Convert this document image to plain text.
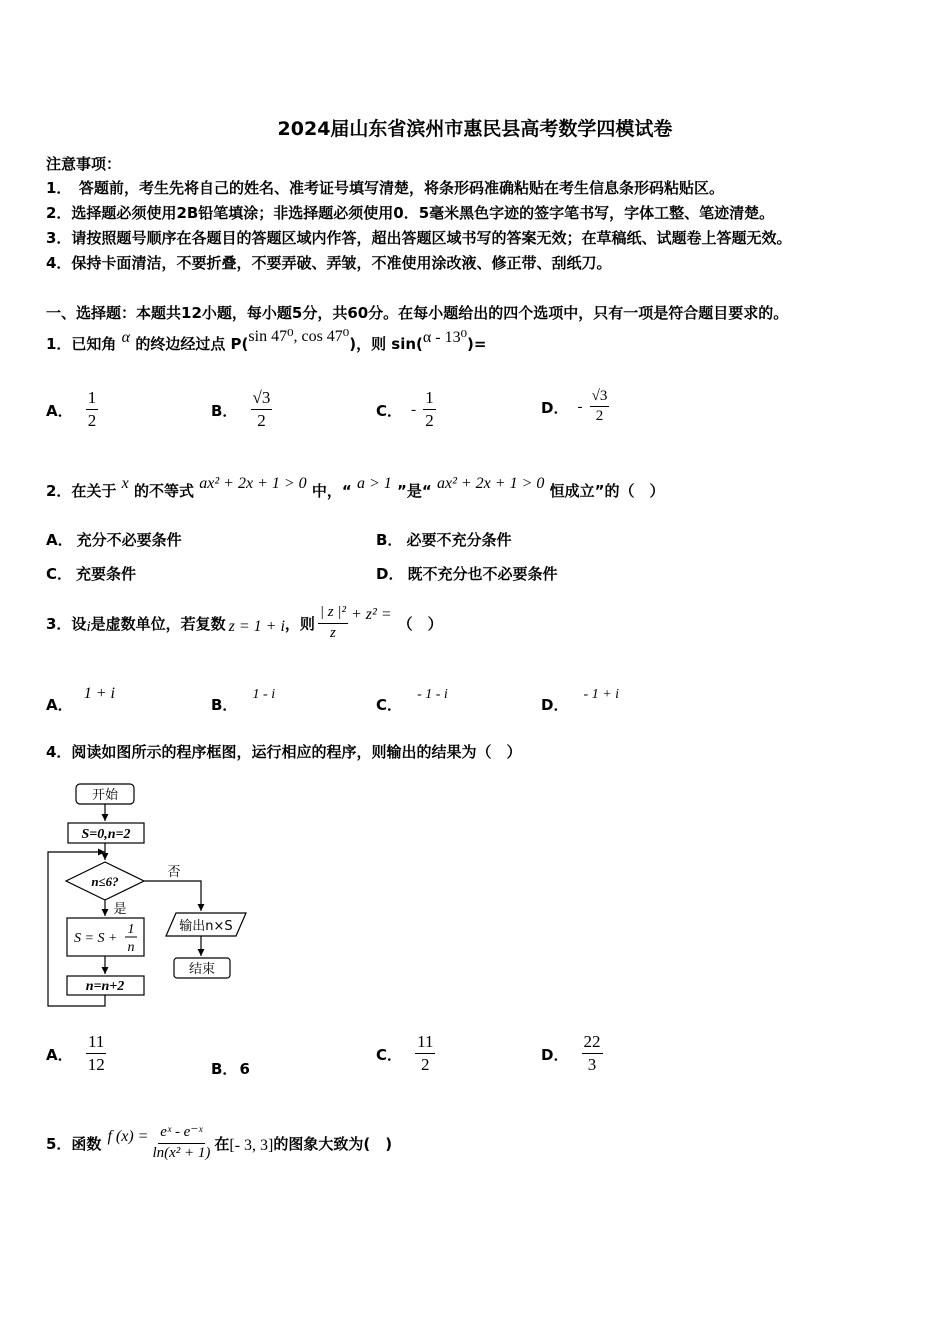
2024届山东省滨州市惠民县高考数学四模试卷
注意事项：
1．　答题前，考生先将自己的姓名、准考证号填写清楚，将条形码准确粘贴在考生信息条形码粘贴区。
2．选择题必须使用2B铅笔填涂；非选择题必须使用0．5毫米黑色字迹的签字笔书写，字体工整、笔迹清楚。
3．请按照题号顺序在各题目的答题区域内作答，超出答题区域书写的答案无效；在草稿纸、试题卷上答题无效。
4．保持卡面清洁，不要折叠，不要弄破、弄皱，不准使用涂改液、修正带、刮纸刀。
一、选择题：本题共12小题，每小题5分，共60分。在每小题给出的四个选项中，只有一项是符合题目要求的。
1．已知角 α 的终边经过点 P(sin 47⁰, cos 47⁰)，则 sin(α - 13⁰)=
A． $\frac{1}{2}$	B． $\frac{√3}{2}$	C． - $\frac{1}{2}$	D． - $\frac{√3}{2}$
2．在关于 x 的不等式 ax² + 2x + 1 > 0 中，“ a > 1 ”是“ ax² + 2x + 1 > 0 恒成立”的（　）
A． 充分不必要条件	B． 必要不充分条件
C． 充要条件	D． 既不充分也不必要条件
3．设 i 是虚数单位，若复数 z = 1 + i ，则 $\frac{\text{| z |²}}{z} + z^2$ = （　）
A． 1 + i
B． 1 - i
C． - 1 - i
D． - 1 + i
4．阅读如图所示的程序框图，运行相应的程序，则输出的结果为（　）
开始
S=0,n=2
n≤6?
否
输出n×S
结束
是
S = S +
1
n
n=n+2
A． $\frac{11}{12}$	B． 6
C． $\frac{11}{2}$	D． $\frac{22}{3}$
5．函数 f $(x) = \frac{\text{eˣ - e⁻ˣ}}{\text{ln(x² + 1)}}$ 在 [- 3, 3] 的图象大致为(　)
